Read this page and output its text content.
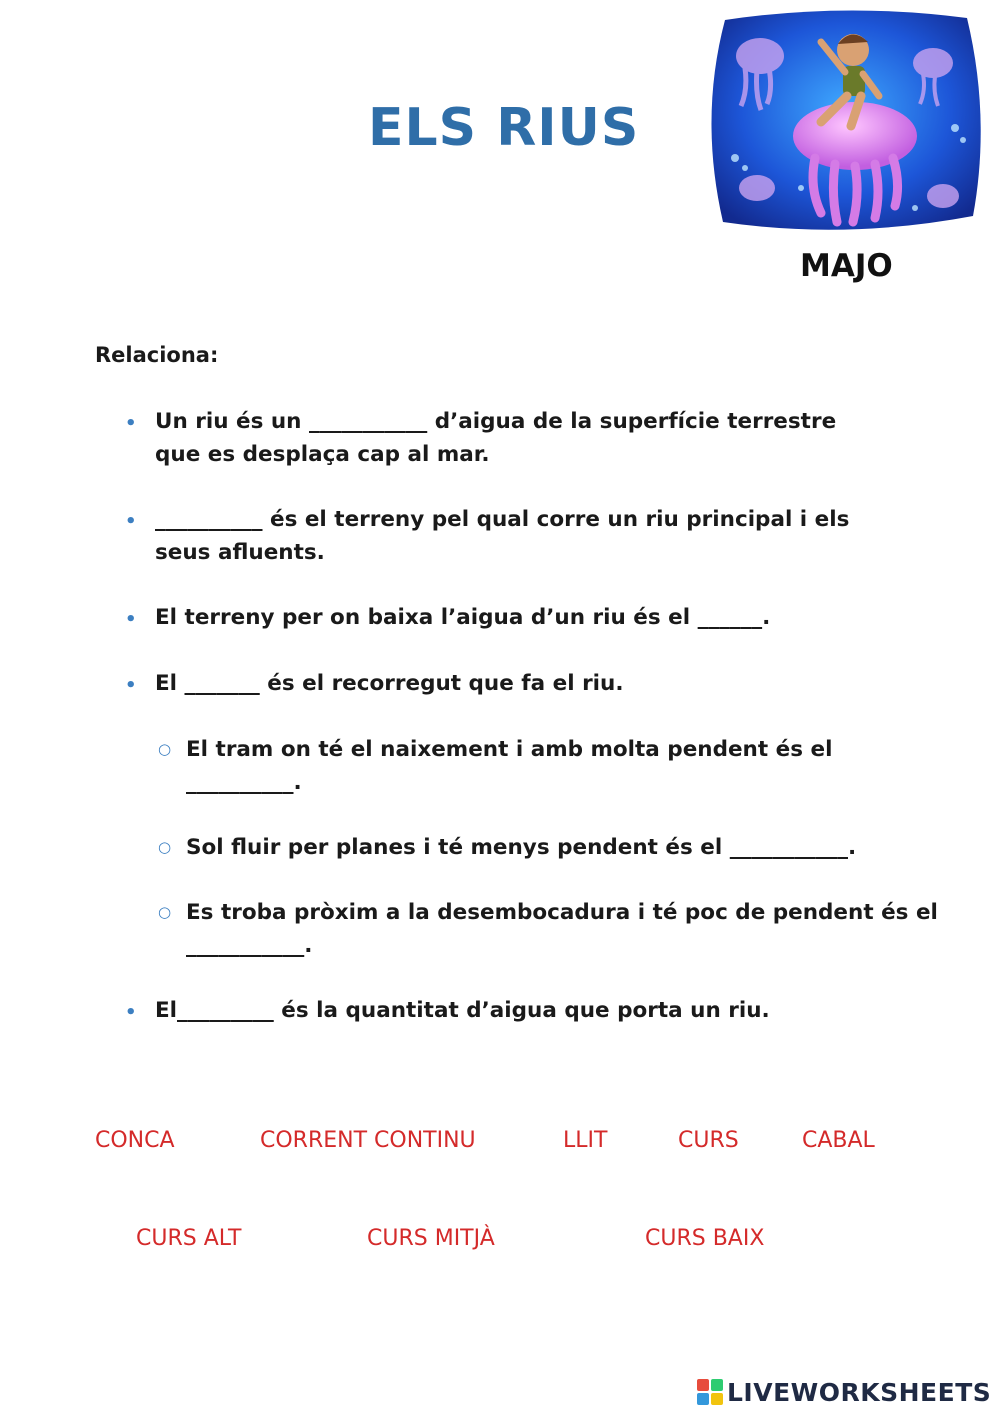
ELS RIUS
MAJO
Relaciona:
• Un riu és un ___________ d’aigua de la superfície terrestre
que es desplaça cap al mar.
• __________ és el terreny pel qual corre un riu principal i els
seus afluents.
• El terreny per on baixa l’aigua d’un riu és el ______.
• El _______ és el recorregut que fa el riu.
○ El tram on té el naixement i amb molta pendent és el
__________.
○ Sol fluir per planes i té menys pendent és el ___________.
○ Es troba pròxim a la desembocadura i té poc de pendent és el
___________.
• El_________ és la quantitat d’aigua que porta un riu.
CONCA	CORRENT CONTINU	LLIT	CURS	CABAL
CURS ALT	CURS MITJÀ	CURS BAIX
LIVEWORKSHEETS
